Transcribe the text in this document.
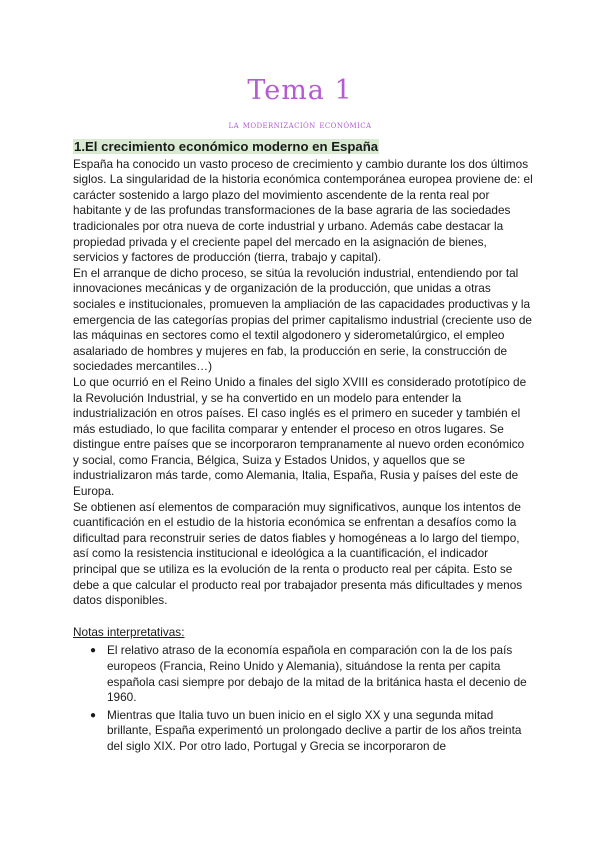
Tema 1
la modernización económica
1.El crecimiento económico moderno en España

España ha conocido un vasto proceso de crecimiento y cambio durante los dos últimos siglos. La singularidad de la historia económica contemporánea europea proviene de: el carácter sostenido a largo plazo del movimiento ascendente de la renta real por habitante y de las profundas transformaciones de la base agraria de las sociedades tradicionales por otra nueva de corte industrial y urbano. Además cabe destacar la propiedad privada y el creciente papel del mercado en la asignación de bienes, servicios y factores de producción (tierra, trabajo y capital).

En el arranque de dicho proceso, se sitúa la revolución industrial, entendiendo por tal innovaciones mecánicas y de organización de la producción, que unidas a otras sociales e institucionales, promueven la ampliación de las capacidades productivas y la emergencia de las categorías propias del primer capitalismo industrial (creciente uso de las máquinas en sectores como el textil algodonero y siderometalúrgico, el empleo asalariado de hombres y mujeres en fab, la producción en serie, la construcción de sociedades mercantiles…)

Lo que ocurrió en el Reino Unido a finales del siglo XVIII es considerado prototípico de la Revolución Industrial, y se ha convertido en un modelo para entender la industrialización en otros países. El caso inglés es el primero en suceder y también el más estudiado, lo que facilita comparar y entender el proceso en otros lugares. Se distingue entre países que se incorporaron tempranamente al nuevo orden económico y social, como Francia, Bélgica, Suiza y Estados Unidos, y aquellos que se industrializaron más tarde, como Alemania, Italia, España, Rusia y países del este de Europa.

Se obtienen así elementos de comparación muy significativos, aunque los intentos de cuantificación en el estudio de la historia económica se enfrentan a desafíos como la dificultad para reconstruir series de datos fiables y homogéneas a lo largo del tiempo, así como la resistencia institucional e ideológica a la cuantificación, el indicador principal que se utiliza es la evolución de la renta o producto real per cápita. Esto se debe a que calcular el producto real por trabajador presenta más dificultades y menos datos disponibles.

Notas interpretativas:
● El relativo atraso de la economía española en comparación con la de los país europeos (Francia, Reino Unido y Alemania), situándose la renta per capita española casi siempre por debajo de la mitad de la británica hasta el decenio de 1960.
● Mientras que Italia tuvo un buen inicio en el siglo XX y una segunda mitad brillante, España experimentó un prolongado declive a partir de los años treinta del siglo XIX. Por otro lado, Portugal y Grecia se incorporaron de
